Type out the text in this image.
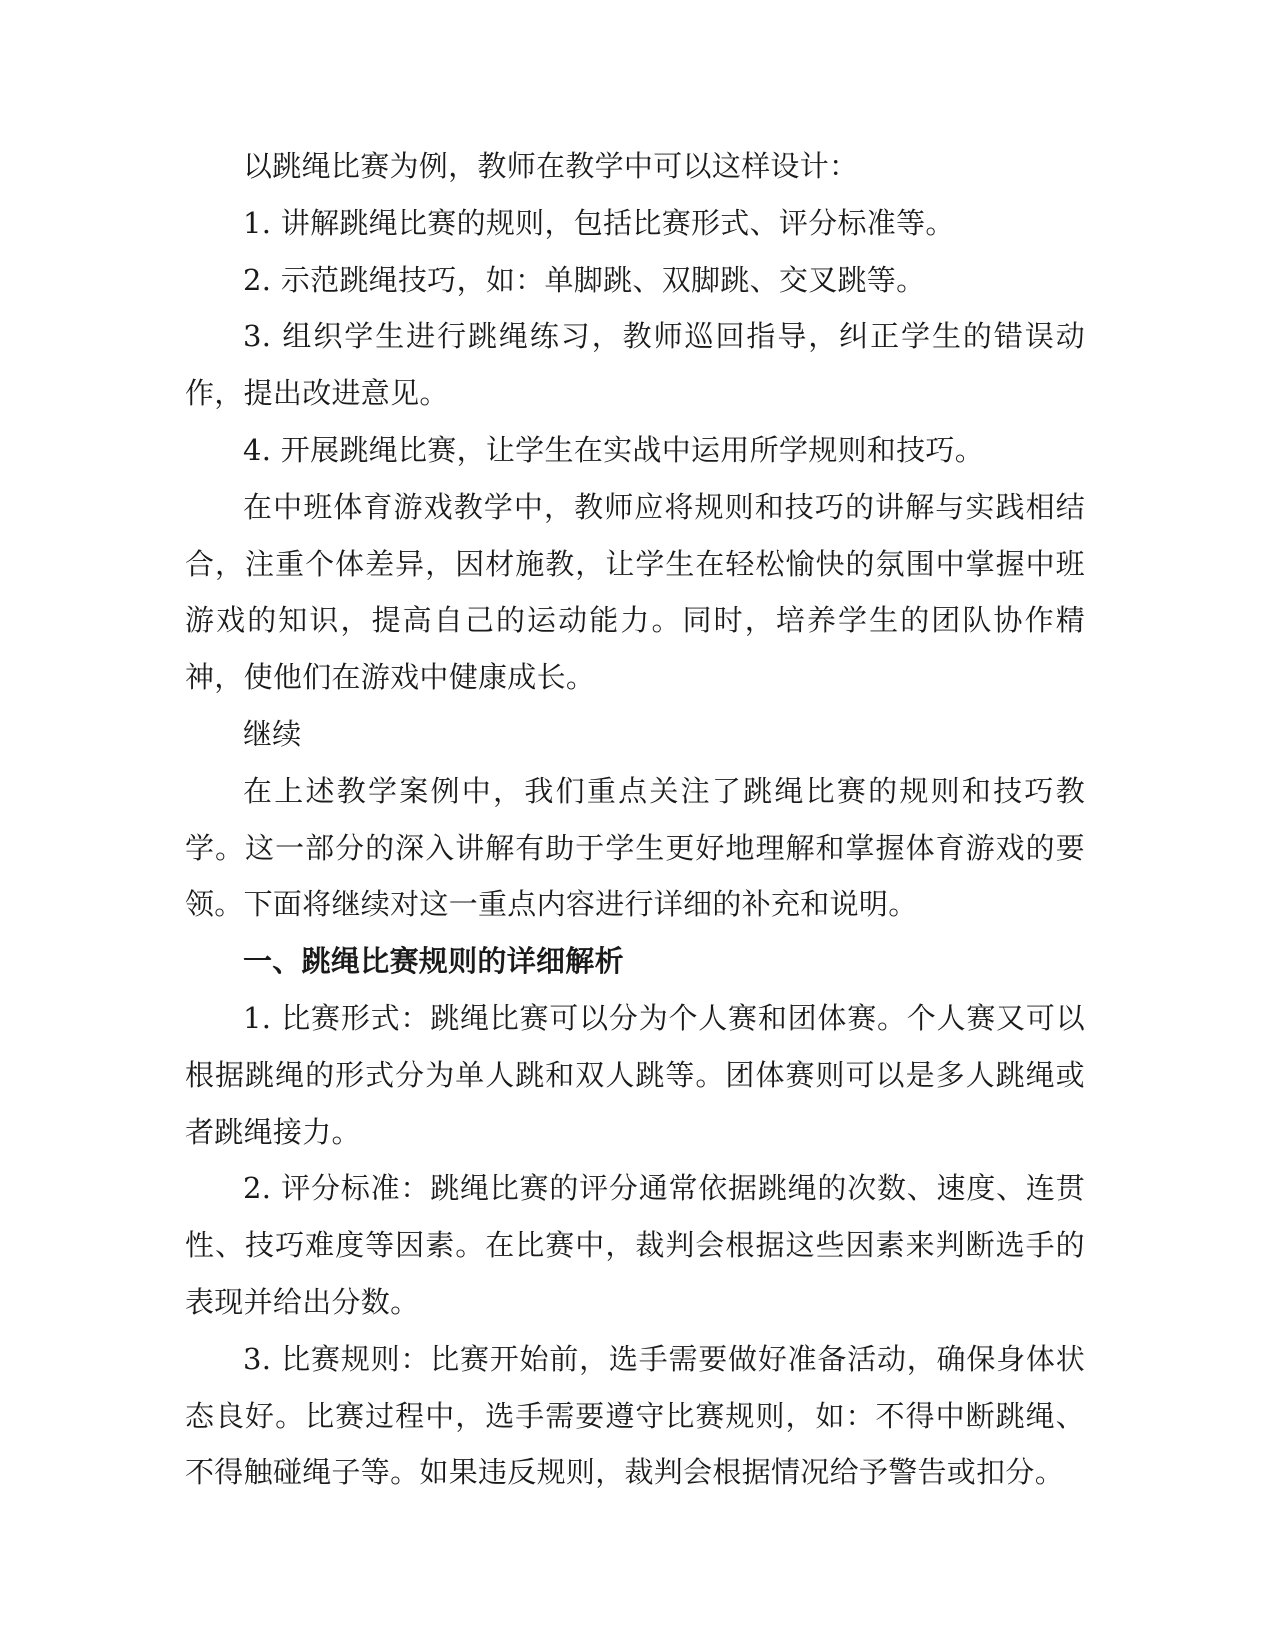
以跳绳比赛为例，教师在教学中可以这样设计：

1. 讲解跳绳比赛的规则，包括比赛形式、评分标准等。

2. 示范跳绳技巧，如：单脚跳、双脚跳、交叉跳等。

3. 组织学生进行跳绳练习，教师巡回指导，纠正学生的错误动作，提出改进意见。

4. 开展跳绳比赛，让学生在实战中运用所学规则和技巧。

在中班体育游戏教学中，教师应将规则和技巧的讲解与实践相结合，注重个体差异，因材施教，让学生在轻松愉快的氛围中掌握中班游戏的知识，提高自己的运动能力。同时，培养学生的团队协作精神，使他们在游戏中健康成长。

继续

在上述教学案例中，我们重点关注了跳绳比赛的规则和技巧教学。这一部分的深入讲解有助于学生更好地理解和掌握体育游戏的要领。下面将继续对这一重点内容进行详细的补充和说明。

一、跳绳比赛规则的详细解析

1. 比赛形式：跳绳比赛可以分为个人赛和团体赛。个人赛又可以根据跳绳的形式分为单人跳和双人跳等。团体赛则可以是多人跳绳或者跳绳接力。

2. 评分标准：跳绳比赛的评分通常依据跳绳的次数、速度、连贯性、技巧难度等因素。在比赛中，裁判会根据这些因素来判断选手的表现并给出分数。

3. 比赛规则：比赛开始前，选手需要做好准备活动，确保身体状态良好。比赛过程中，选手需要遵守比赛规则，如：不得中断跳绳、不得触碰绳子等。如果违反规则，裁判会根据情况给予警告或扣分。
